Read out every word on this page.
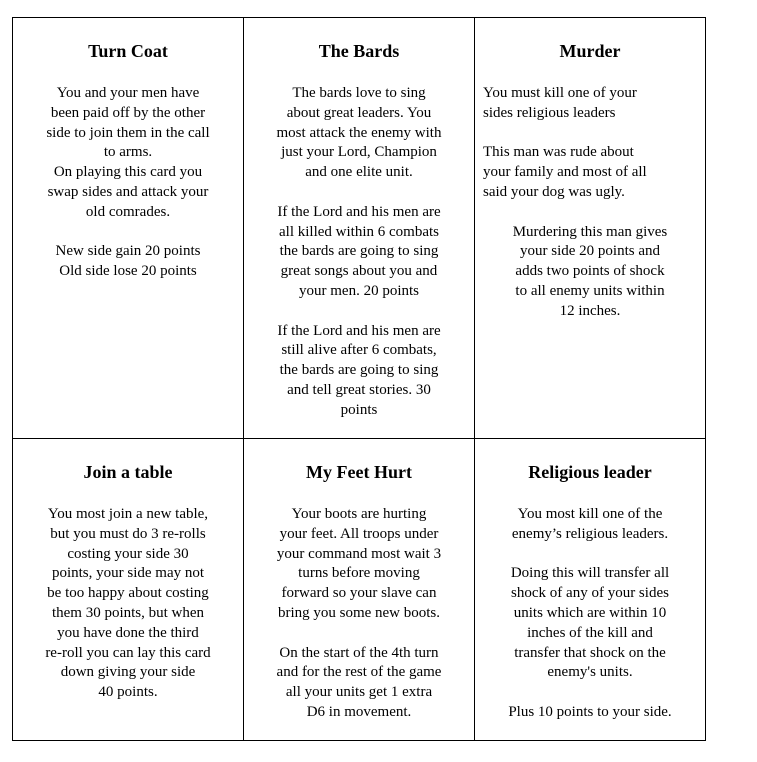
Turn Coat
You and your men have
been paid off by the other
side to join them in the call
to arms.
On playing this card you
swap sides and attack your
old comrades.
New side gain 20 points
Old side lose 20 points
The Bards
The bards love to sing
about great leaders. You
most attack the enemy with
just your Lord, Champion
and one elite unit.
If the Lord and his men are
all killed within 6 combats
the bards are going to sing
great songs about you and
your men. 20 points
If the Lord and his men are
still alive after 6 combats,
the bards are going to sing
and tell great stories. 30
points
Murder
You must kill one of your
sides religious leaders
This man was rude about
your family and most of all
said your dog was ugly.
Murdering this man gives
your side 20 points and
adds two points of shock
to all enemy units within
12 inches.
Join a table
You most join a new table,
but you must do 3 re-rolls
costing your side 30
points, your side may not
be too happy about costing
them 30 points, but when
you have done the third
re-roll you can lay this card
down giving your side
40 points.
My Feet Hurt
Your boots are hurting
your feet. All troops under
your command most wait 3
turns before moving
forward so your slave can
bring you some new boots.
On the start of the 4th turn
and for the rest of the game
all your units get 1 extra
D6 in movement.
Religious leader
You most kill one of the
enemy’s religious leaders.
Doing this will transfer all
shock of any of your sides
units which are within 10
inches of the kill and
transfer that shock on the
enemy's units.
Plus 10 points to your side.
